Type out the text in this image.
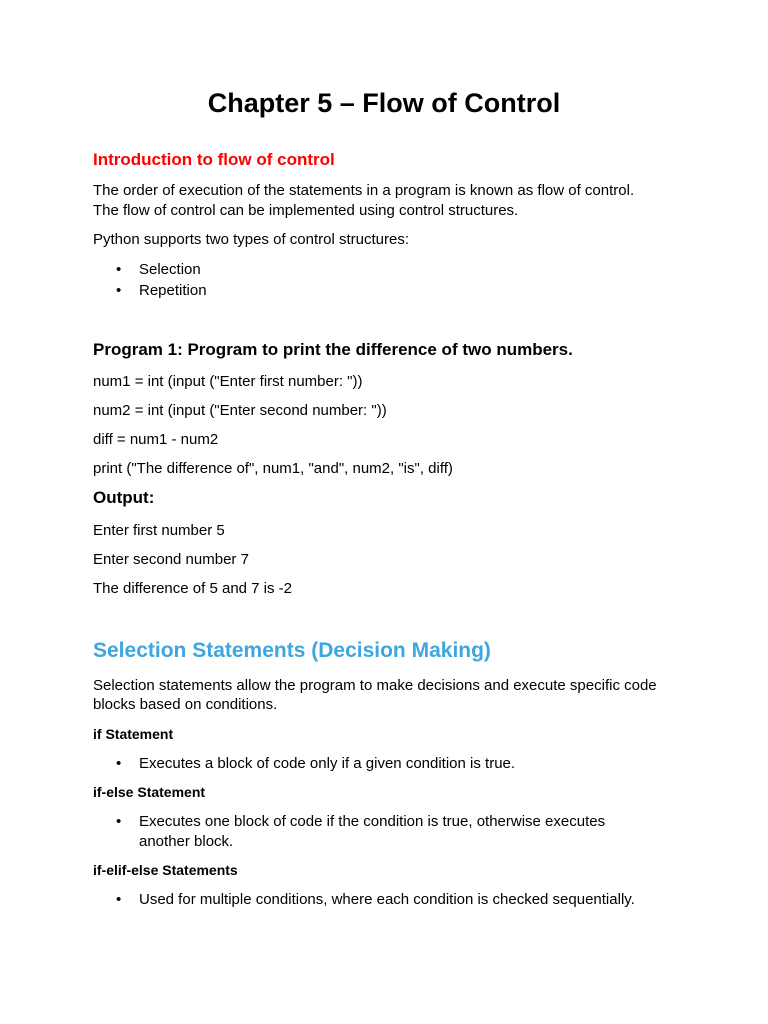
Chapter 5 – Flow of Control
Introduction to flow of control

The order of execution of the statements in a program is known as flow of control.

The flow of control can be implemented using control structures.

Python supports two types of control structures:

• Selection
• Repetition
Program 1: Program to print the difference of two numbers.

num1 = int (input ("Enter first number: "))

num2 = int (input ("Enter second number: "))

diff = num1 - num2

print ("The difference of", num1, "and", num2, "is", diff)

Output:

Enter first number 5

Enter second number 7

The difference of 5 and 7 is -2

Selection Statements (Decision Making)

Selection statements allow the program to make decisions and execute specific code

blocks based on conditions.

if Statement
• Executes a block of code only if a given condition is true.
if-else Statement
• Executes one block of code if the condition is true, otherwise executes
another block.
if-elif-else Statements
• Used for multiple conditions, where each condition is checked sequentially.
